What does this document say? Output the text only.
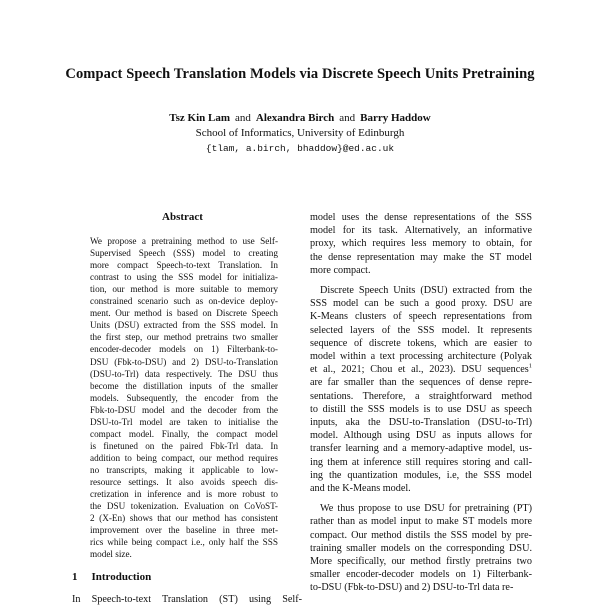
Compact Speech Translation Models via Discrete Speech Units Pretraining
Tsz Kin Lam and Alexandra Birch and Barry Haddow
School of Informatics, University of Edinburgh
{tlam, a.birch, bhaddow}@ed.ac.uk
Abstract
We propose a pretraining method to use Self-
Supervised Speech (SSS) model to creating
more compact Speech-to-text Translation. In
contrast to using the SSS model for initializa-
tion, our method is more suitable to memory
constrained scenario such as on-device deploy-
ment. Our method is based on Discrete Speech
Units (DSU) extracted from the SSS model. In
the first step, our method pretrains two smaller
encoder-decoder models on 1) Filterbank-to-
DSU (Fbk-to-DSU) and 2) DSU-to-Translation
(DSU-to-Trl) data respectively. The DSU thus
become the distillation inputs of the smaller
models. Subsequently, the encoder from the
Fbk-to-DSU model and the decoder from the
DSU-to-Trl model are taken to initialise the
compact model. Finally, the compact model
is finetuned on the paired Fbk-Trl data. In
addition to being compact, our method requires
no transcripts, making it applicable to low-
resource settings. It also avoids speech dis-
cretization in inference and is more robust to
the DSU tokenization. Evaluation on CoVoST-
2 (X-En) shows that our method has consistent
improvement over the baseline in three met-
rics while being compact i.e., only half the SSS
model size.
1 Introduction
In Speech-to-text Translation (ST) using Self-
model uses the dense representations of the SSS
model for its task. Alternatively, an informative
proxy, which requires less memory to obtain, for
the dense representation may make the ST model
more compact.
Discrete Speech Units (DSU) extracted from the
SSS model can be such a good proxy. DSU are
K-Means clusters of speech representations from
selected layers of the SSS model. It represents
sequence of discrete tokens, which are easier to
model within a text processing architecture (Polyak
et al., 2021; Chou et al., 2023). DSU sequences$^1$
are far smaller than the sequences of dense repre-
sentations. Therefore, a straightforward method
to distill the SSS models is to use DSU as speech
inputs, aka the DSU-to-Translation (DSU-to-Trl)
model. Although using DSU as inputs allows for
transfer learning and a memory-adaptive model, us-
ing them at inference still requires storing and call-
ing the quantization modules, i.e, the SSS model
and the K-Means model.
We thus propose to use DSU for pretraining (PT)
rather than as model input to make ST models more
compact. Our method distils the SSS model by pre-
training smaller models on the corresponding DSU.
More specifically, our method firstly pretrains two
smaller encoder-decoder models on 1) Filterbank-
to-DSU (Fbk-to-DSU) and 2) DSU-to-Trl data re-
